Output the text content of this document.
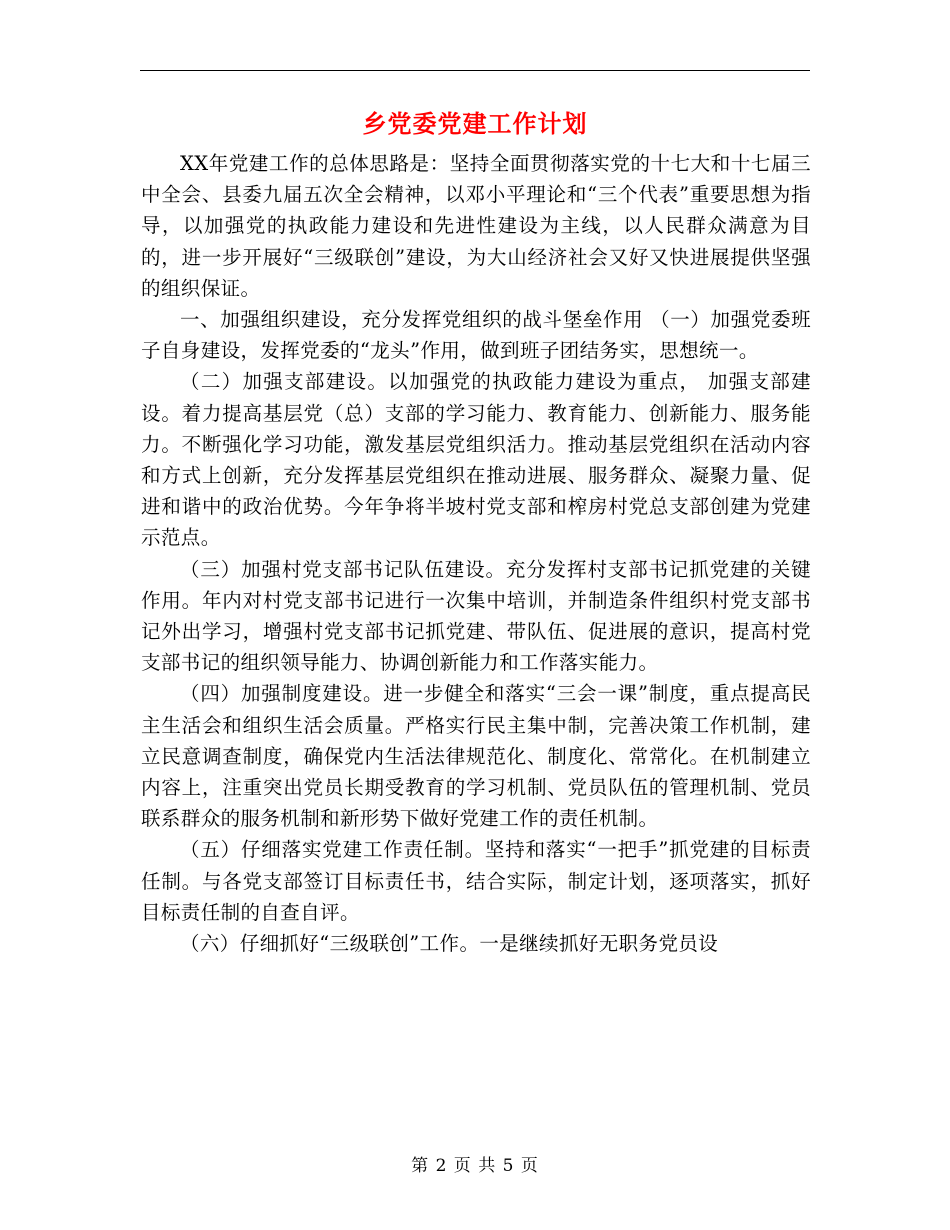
乡党委党建工作计划

XX年党建工作的总体思路是：坚持全面贯彻落实党的十七大和十七届三中全会、县委九届五次全会精神，以邓小平理论和“三个代表”重要思想为指导，以加强党的执政能力建设和先进性建设为主线，以人民群众满意为目的，进一步开展好“三级联创”建设，为大山经济社会又好又快进展提供坚强的组织保证。

一、加强组织建设，充分发挥党组织的战斗堡垒作用 （一）加强党委班子自身建设，发挥党委的“龙头”作用，做到班子团结务实，思想统一。

（二）加强支部建设。以加强党的执政能力建设为重点， 加强支部建设。着力提高基层党（总）支部的学习能力、教育能力、创新能力、服务能力。不断强化学习功能，激发基层党组织活力。推动基层党组织在活动内容和方式上创新，充分发挥基层党组织在推动进展、服务群众、凝聚力量、促进和谐中的政治优势。今年争将半坡村党支部和榨房村党总支部创建为党建示范点。

（三）加强村党支部书记队伍建设。充分发挥村支部书记抓党建的关键作用。年内对村党支部书记进行一次集中培训，并制造条件组织村党支部书记外出学习，增强村党支部书记抓党建、带队伍、促进展的意识，提高村党支部书记的组织领导能力、协调创新能力和工作落实能力。

（四）加强制度建设。进一步健全和落实“三会一课”制度，重点提高民主生活会和组织生活会质量。严格实行民主集中制，完善决策工作机制，建立民意调查制度，确保党内生活法律规范化、制度化、常常化。在机制建立内容上，注重突出党员长期受教育的学习机制、党员队伍的管理机制、党员联系群众的服务机制和新形势下做好党建工作的责任机制。

（五）仔细落实党建工作责任制。坚持和落实“一把手”抓党建的目标责任制。与各党支部签订目标责任书，结合实际，制定计划，逐项落实，抓好目标责任制的自查自评。

（六）仔细抓好“三级联创”工作。一是继续抓好无职务党员设

第 2 页 共 5 页
